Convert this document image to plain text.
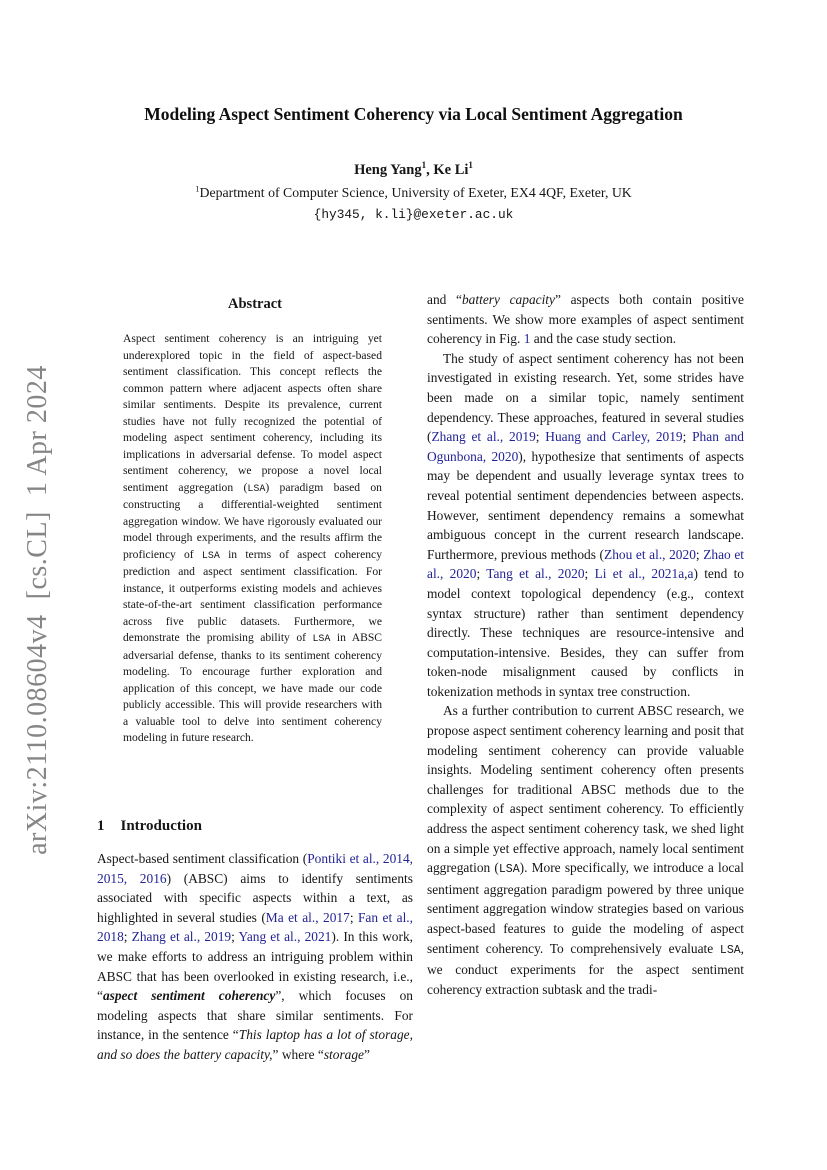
arXiv:2110.08604v4  [cs.CL]  1 Apr 2024
Modeling Aspect Sentiment Coherency via Local Sentiment Aggregation
Heng Yang$^1$, Ke Li$^1$
$^1$Department of Computer Science, University of Exeter, EX4 4QF, Exeter, UK
{hy345, k.li}@exeter.ac.uk
Abstract
Aspect sentiment coherency is an intriguing yet underexplored topic in the field of aspect-based sentiment classification. This concept reflects the common pattern where adjacent aspects often share similar sentiments. Despite its prevalence, current studies have not fully recognized the potential of modeling aspect sentiment coherency, including its implications in adversarial defense. To model aspect sentiment coherency, we propose a novel local sentiment aggregation (LSA) paradigm based on constructing a differential-weighted sentiment aggregation window. We have rigorously evaluated our model through experiments, and the results affirm the proficiency of LSA in terms of aspect coherency prediction and aspect sentiment classification. For instance, it outperforms existing models and achieves state-of-the-art sentiment classification performance across five public datasets. Furthermore, we demonstrate the promising ability of LSA in ABSC adversarial defense, thanks to its sentiment coherency modeling. To encourage further exploration and application of this concept, we have made our code publicly accessible. This will provide researchers with a valuable tool to delve into sentiment coherency modeling in future research.
1 Introduction
Aspect-based sentiment classification (Pontiki et al., 2014, 2015, 2016) (ABSC) aims to identify sentiments associated with specific aspects within a text, as highlighted in several studies (Ma et al., 2017; Fan et al., 2018; Zhang et al., 2019; Yang et al., 2021). In this work, we make efforts to address an intriguing problem within ABSC that has been overlooked in existing research, i.e., “aspect sentiment coherency”, which focuses on modeling aspects that share similar sentiments. For instance, in the sentence “This laptop has a lot of storage, and so does the battery capacity,” where “storage”

and “battery capacity” aspects both contain positive sentiments. We show more examples of aspect sentiment coherency in Fig. 1 and the case study section.

The study of aspect sentiment coherency has not been investigated in existing research. Yet, some strides have been made on a similar topic, namely sentiment dependency. These approaches, featured in several studies (Zhang et al., 2019; Huang and Carley, 2019; Phan and Ogunbona, 2020), hypothesize that sentiments of aspects may be dependent and usually leverage syntax trees to reveal potential sentiment dependencies between aspects. However, sentiment dependency remains a somewhat ambiguous concept in the current research landscape. Furthermore, previous methods (Zhou et al., 2020; Zhao et al., 2020; Tang et al., 2020; Li et al., 2021a,a) tend to model context topological dependency (e.g., context syntax structure) rather than sentiment dependency directly. These techniques are resource-intensive and computation-intensive. Besides, they can suffer from token-node misalignment caused by conflicts in tokenization methods in syntax tree construction.

As a further contribution to current ABSC research, we propose aspect sentiment coherency learning and posit that modeling sentiment coherency can provide valuable insights. Modeling sentiment coherency often presents challenges for traditional ABSC methods due to the complexity of aspect sentiment coherency. To efficiently address the aspect sentiment coherency task, we shed light on a simple yet effective approach, namely local sentiment aggregation (LSA). More specifically, we introduce a local sentiment aggregation paradigm powered by three unique sentiment aggregation window strategies based on various aspect-based features to guide the modeling of aspect sentiment coherency. To comprehensively evaluate LSA, we conduct experiments for the aspect sentiment coherency extraction subtask and the tradi-
